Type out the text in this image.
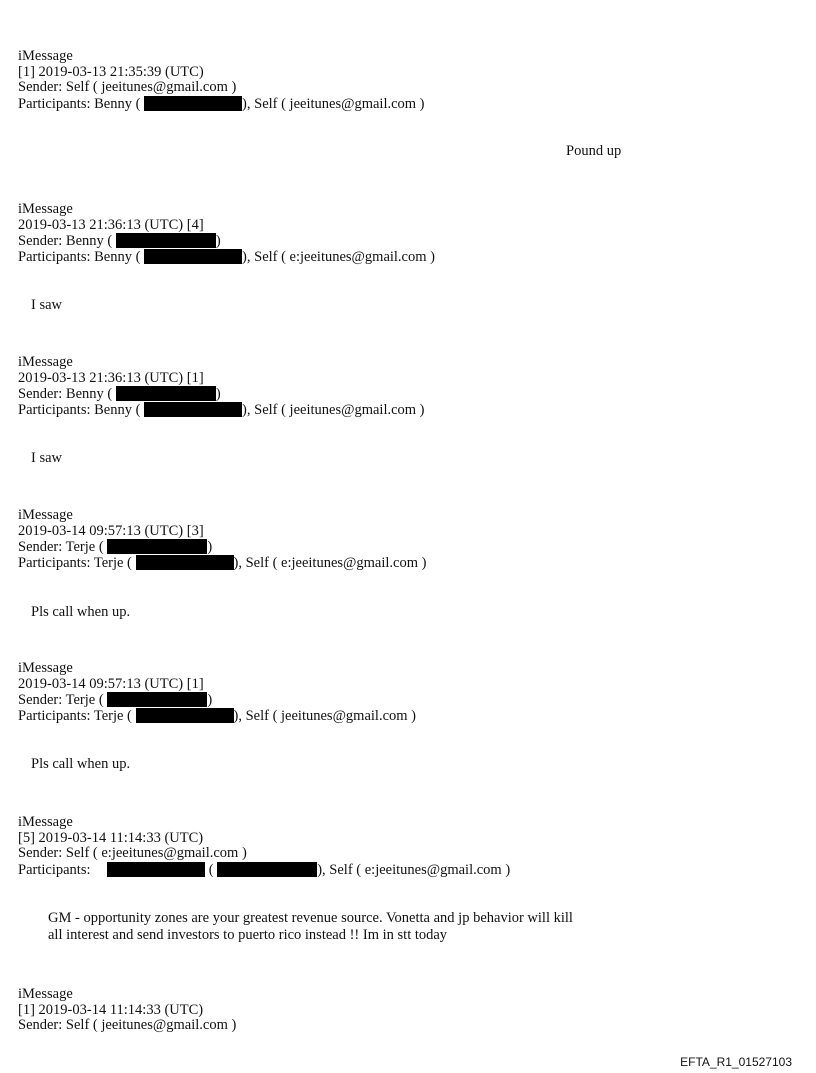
iMessage
[1] 2019-03-13 21:35:39 (UTC)
Sender: Self ( jeeitunes@gmail.com )
Participants: Benny (	), Self ( jeeitunes@gmail.com )
Pound up
iMessage
2019-03-13 21:36:13 (UTC) [4]
Sender: Benny (	)
Participants: Benny (	), Self ( e:jeeitunes@gmail.com )
I saw
iMessage
2019-03-13 21:36:13 (UTC) [1]
Sender: Benny (	)
Participants: Benny (	), Self ( jeeitunes@gmail.com )
I saw
iMessage
2019-03-14 09:57:13 (UTC) [3]
Sender: Terje (	)
Participants: Terje (	), Self ( e:jeeitunes@gmail.com )
Pls call when up.
iMessage
2019-03-14 09:57:13 (UTC) [1]
Sender: Terje (	)
Participants: Terje (	), Self ( jeeitunes@gmail.com )
Pls call when up.
iMessage
[5] 2019-03-14 11:14:33 (UTC)
Sender: Self ( e:jeeitunes@gmail.com )
Participants:	(	), Self ( e:jeeitunes@gmail.com )
GM - opportunity zones are your greatest revenue source. Vonetta and jp behavior will kill
all interest and send investors to puerto rico instead !! Im in stt today
iMessage
[1] 2019-03-14 11:14:33 (UTC)
Sender: Self ( jeeitunes@gmail.com )
EFTA_R1_01527103
